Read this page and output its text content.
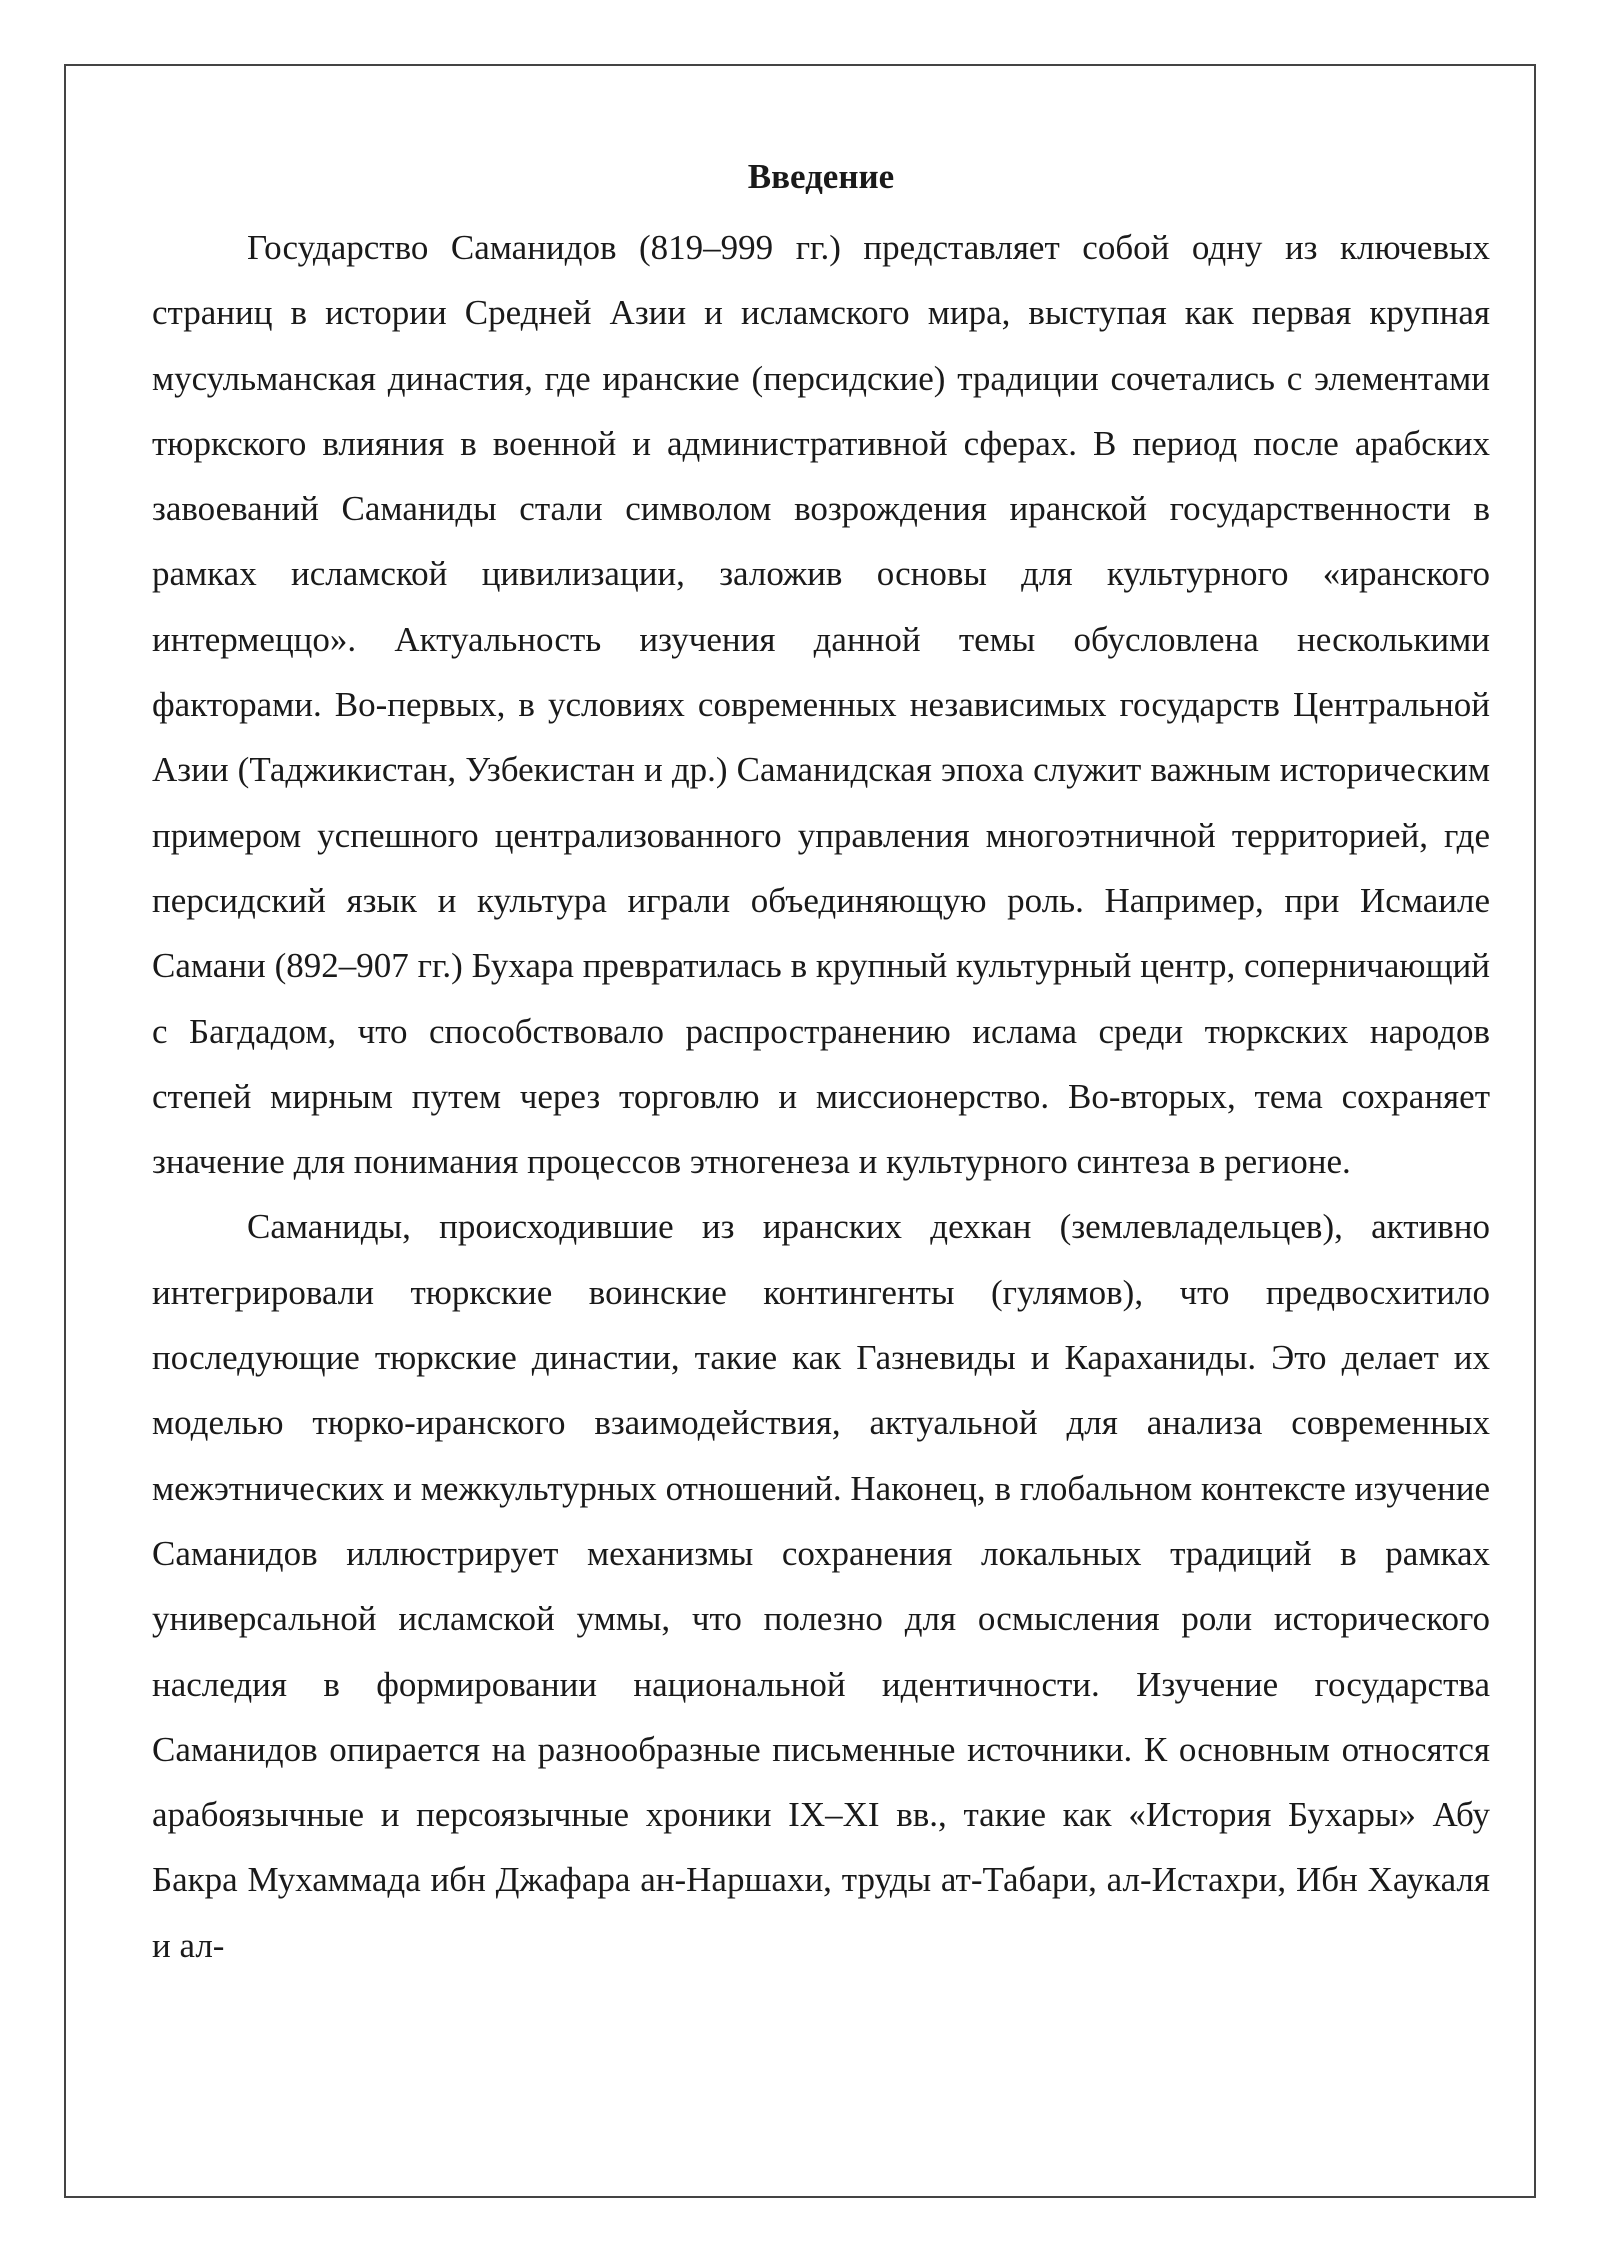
Введение

Государство Саманидов (819–999 гг.) представляет собой одну из ключевых страниц в истории Средней Азии и исламского мира, выступая как первая крупная мусульманская династия, где иранские (персидские) традиции сочетались с элементами тюркского влияния в военной и административной сферах. В период после арабских завоеваний Саманиды стали символом возрождения иранской государственности в рамках исламской цивилизации, заложив основы для культурного «иранского интермеццо». Актуальность изучения данной темы обусловлена несколькими факторами. Во-первых, в условиях современных независимых государств Центральной Азии (Таджикистан, Узбекистан и др.) Саманидская эпоха служит важным историческим примером успешного централизованного управления многоэтничной территорией, где персидский язык и культура играли объединяющую роль. Например, при Исмаиле Самани (892–907 гг.) Бухара превратилась в крупный культурный центр, соперничающий с Багдадом, что способствовало распространению ислама среди тюркских народов степей мирным путем через торговлю и миссионерство. Во-вторых, тема сохраняет значение для понимания процессов этногенеза и культурного синтеза в регионе.

Саманиды, происходившие из иранских дехкан (землевладельцев), активно интегрировали тюркские воинские контингенты (гулямов), что предвосхитило последующие тюркские династии, такие как Газневиды и Караханиды. Это делает их моделью тюрко-иранского взаимодействия, актуальной для анализа современных межэтнических и межкультурных отношений. Наконец, в глобальном контексте изучение Саманидов иллюстрирует механизмы сохранения локальных традиций в рамках универсальной исламской уммы, что полезно для осмысления роли исторического наследия в формировании национальной идентичности. Изучение государства Саманидов опирается на разнообразные письменные источники. К основным относятся арабоязычные и персоязычные хроники IX–XI вв., такие как «История Бухары» Абу Бакра Мухаммада ибн Джафара ан-Наршахи, труды ат-Табари, ал-Истахри, Ибн Хаукаля и ал-
